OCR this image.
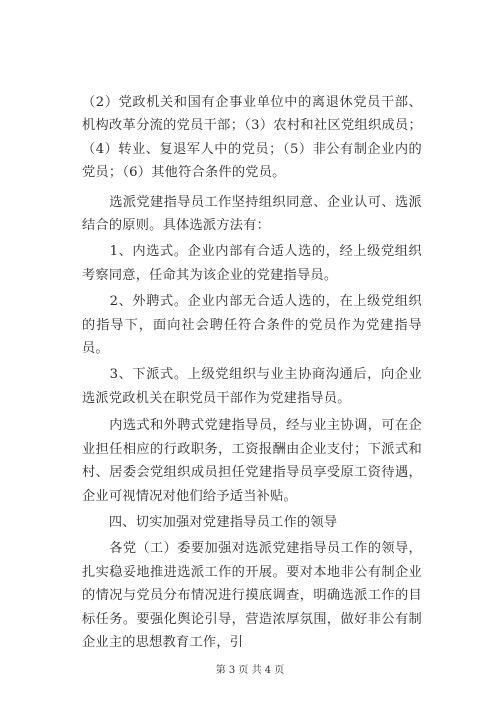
（2）党政机关和国有企事业单位中的离退休党员干部、机构改革分流的党员干部；（3）农村和社区党组织成员；（4）转业、复退军人中的党员；（5）非公有制企业内的党员；（6）其他符合条件的党员。

　　选派党建指导员工作坚持组织同意、企业认可、选派结合的原则。具体选派方法有：

　　1、内选式。企业内部有合适人选的，经上级党组织考察同意，任命其为该企业的党建指导员。

　　2、外聘式。企业内部无合适人选的，在上级党组织的指导下，面向社会聘任符合条件的党员作为党建指导员。

　　3、下派式。上级党组织与业主协商沟通后，向企业选派党政机关在职党员干部作为党建指导员。

　　内选式和外聘式党建指导员，经与业主协调，可在企业担任相应的行政职务，工资报酬由企业支付；下派式和村、居委会党组织成员担任党建指导员享受原工资待遇，企业可视情况对他们给予适当补贴。

　　四、切实加强对党建指导员工作的领导

　　各党（工）委要加强对选派党建指导员工作的领导，扎实稳妥地推进选派工作的开展。要对本地非公有制企业的情况与党员分布情况进行摸底调查，明确选派工作的目标任务。要强化舆论引导，营造浓厚氛围，做好非公有制企业主的思想教育工作，引

第 3 页 共 4 页
